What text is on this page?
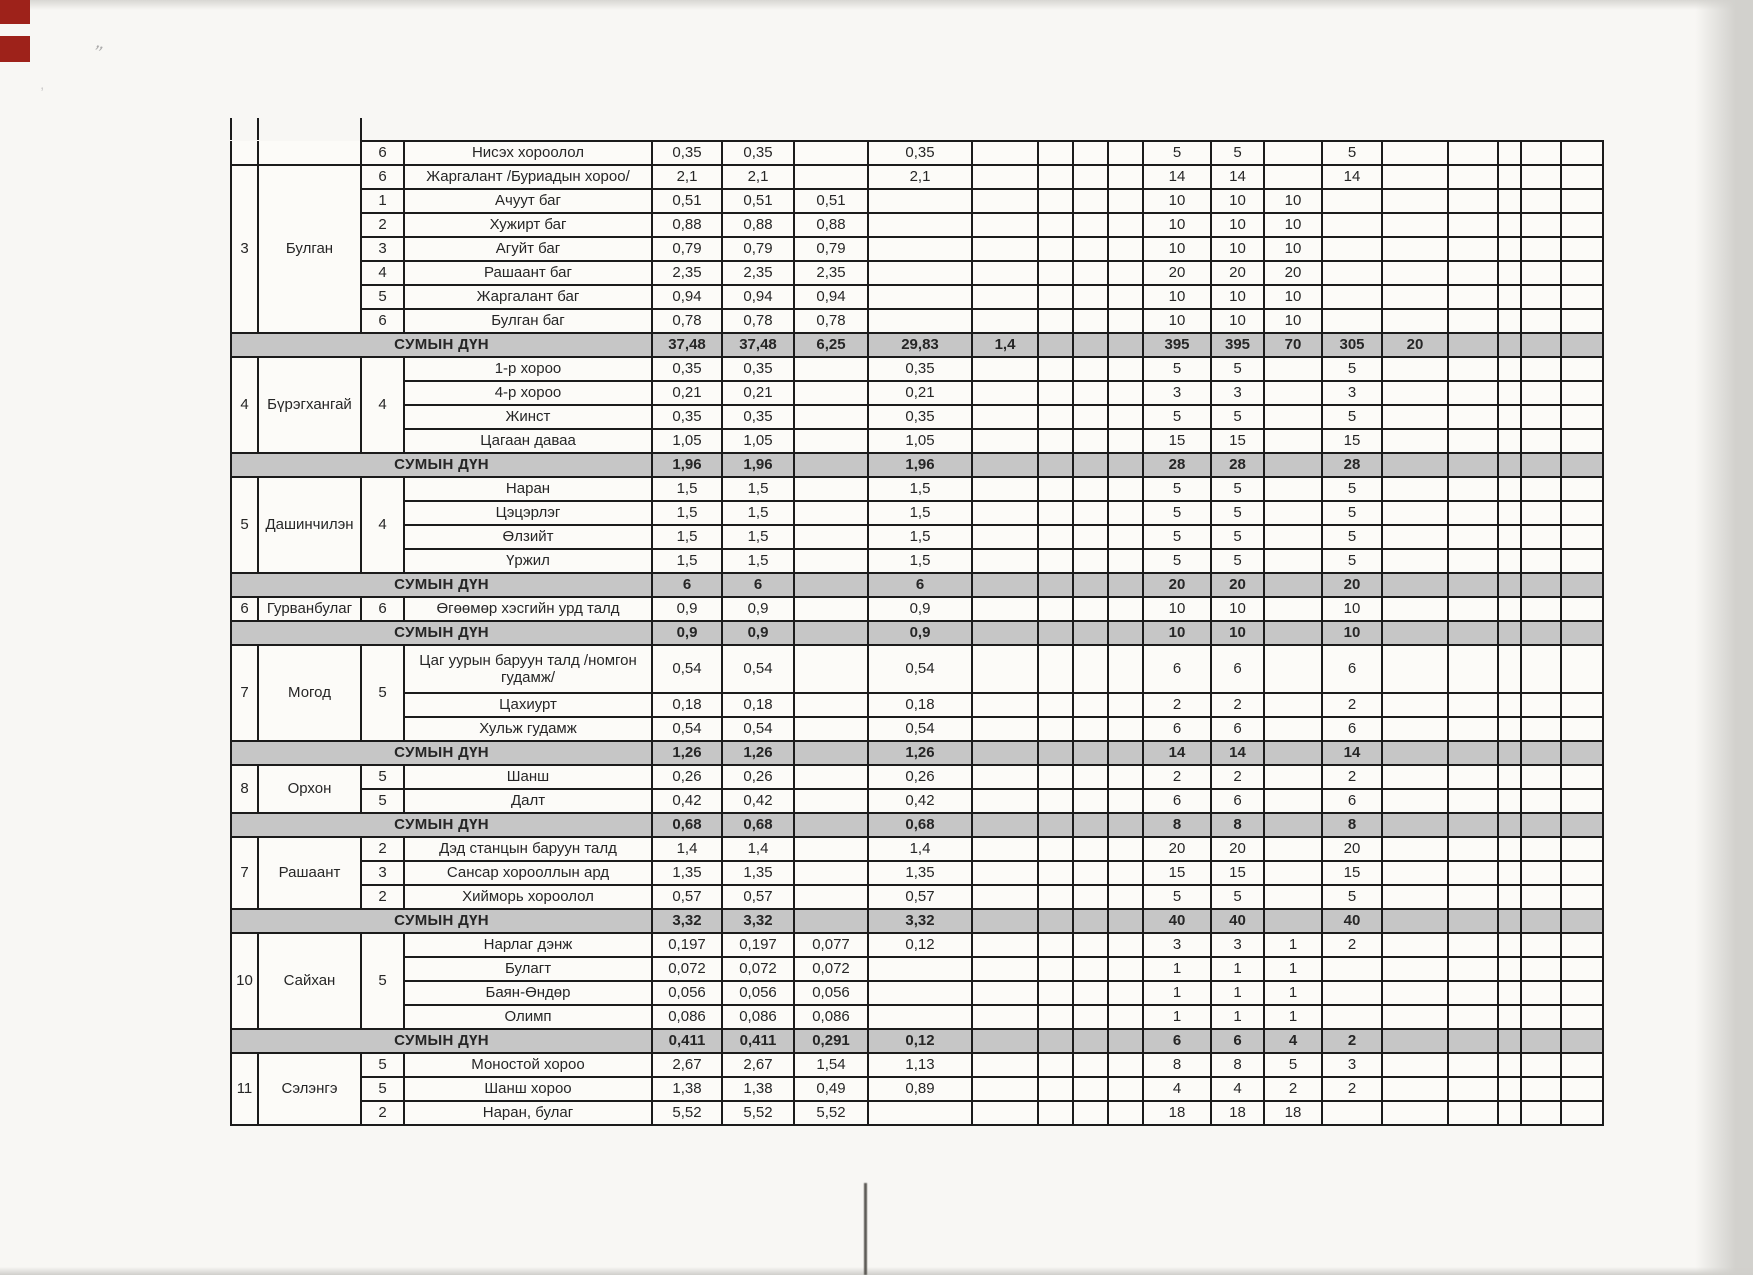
’’
,
		6	Нисэх хороолол	0,35	0,35		0,35					5	5		5					
3	Булган	6	Жаргалант /Буриадын хороо/	2,1	2,1		2,1					14	14		14					
		1	Ачуут баг	0,51	0,51	0,51						10	10	10						
		2	Хужирт баг	0,88	0,88	0,88						10	10	10						
		3	Агуйт баг	0,79	0,79	0,79						10	10	10						
		4	Рашаант баг	2,35	2,35	2,35						20	20	20						
		5	Жаргалант баг	0,94	0,94	0,94						10	10	10						
		6	Булган баг	0,78	0,78	0,78						10	10	10						
СУМЫН ДҮН				37,48	37,48	6,25	29,83	1,4				395	395	70	305	20				
4	Бүрэгхангай	4	1-р хороо	0,35	0,35		0,35					5	5		5					
			4-р хороо	0,21	0,21		0,21					3	3		3					
			Жинст	0,35	0,35		0,35					5	5		5					
			Цагаан даваа	1,05	1,05		1,05					15	15		15					
СУМЫН ДҮН				1,96	1,96		1,96					28	28		28					
5	Дашинчилэн	4	Наран	1,5	1,5		1,5					5	5		5					
			Цэцэрлэг	1,5	1,5		1,5					5	5		5					
			Өлзийт	1,5	1,5		1,5					5	5		5					
			Үржил	1,5	1,5		1,5					5	5		5					
СУМЫН ДҮН				6	6		6					20	20		20					
6	Гурванбулаг	6	Өгөөмөр хэсгийн урд талд	0,9	0,9		0,9					10	10		10					
СУМЫН ДҮН				0,9	0,9		0,9					10	10		10					
7	Могод	5	Цаг уурын баруун талд /номгон гудамж/	0,54	0,54		0,54					6	6		6					
			Цахиурт	0,18	0,18		0,18					2	2		2					
			Хульж гудамж	0,54	0,54		0,54					6	6		6					
СУМЫН ДҮН				1,26	1,26		1,26					14	14		14					
8	Орхон	5	Шанш	0,26	0,26		0,26					2	2		2					
		5	Далт	0,42	0,42		0,42					6	6		6					
СУМЫН ДҮН				0,68	0,68		0,68					8	8		8					
7	Рашаант	2	Дэд станцын баруун талд	1,4	1,4		1,4					20	20		20					
		3	Сансар хорооллын ард	1,35	1,35		1,35					15	15		15					
		2	Хийморь хороолол	0,57	0,57		0,57					5	5		5					
СУМЫН ДҮН				3,32	3,32		3,32					40	40		40					
10	Сайхан	5	Нарлаг дэнж	0,197	0,197	0,077	0,12					3	3	1	2					
			Булагт	0,072	0,072	0,072						1	1	1						
			Баян-Өндөр	0,056	0,056	0,056						1	1	1						
			Олимп	0,086	0,086	0,086						1	1	1						
СУМЫН ДҮН				0,411	0,411	0,291	0,12					6	6	4	2					
11	Сэлэнгэ	5	Моностой хороо	2,67	2,67	1,54	1,13					8	8	5	3					
		5	Шанш хороо	1,38	1,38	0,49	0,89					4	4	2	2					
		2	Наран, булаг	5,52	5,52	5,52						18	18	18						
